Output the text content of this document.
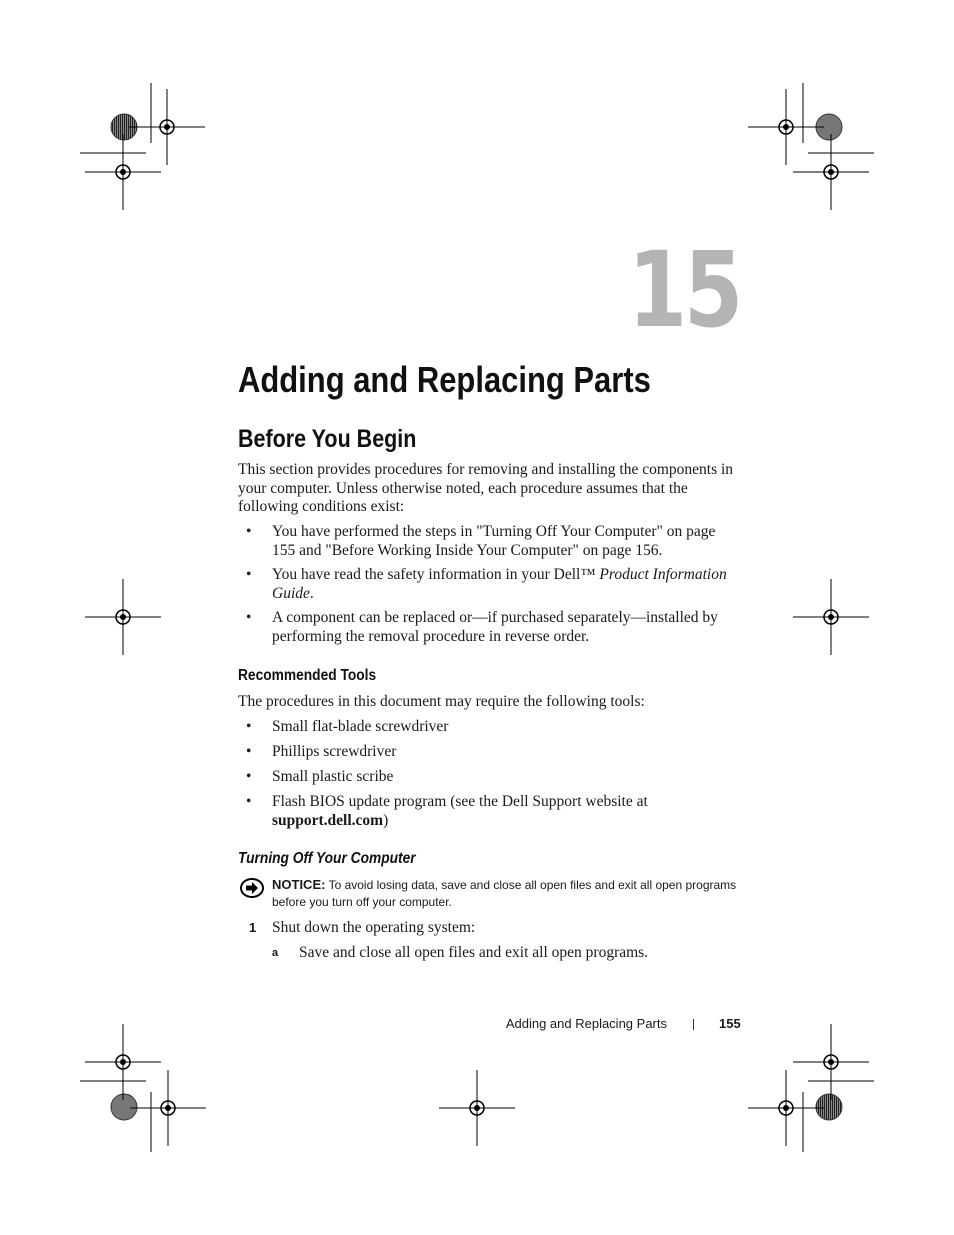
15
Adding and Replacing Parts
Before You Begin

This section provides procedures for removing and installing the components in your computer. Unless otherwise noted, each procedure assumes that the following conditions exist:

• You have performed the steps in "Turning Off Your Computer" on page 155 and "Before Working Inside Your Computer" on page 156.
• You have read the safety information in your Dell™ Product Information Guide.
• A component can be replaced or—if purchased separately—installed by performing the removal procedure in reverse order.
Recommended Tools

The procedures in this document may require the following tools:

• Small flat-blade screwdriver
• Phillips screwdriver
• Small plastic scribe
• Flash BIOS update program (see the Dell Support website at support.dell.com)
Turning Off Your Computer
NOTICE: To avoid losing data, save and close all open files and exit all open programs before you turn off your computer.
1 Shut down the operating system:
a Save and close all open files and exit all open programs.
Adding and Replacing Parts	155
